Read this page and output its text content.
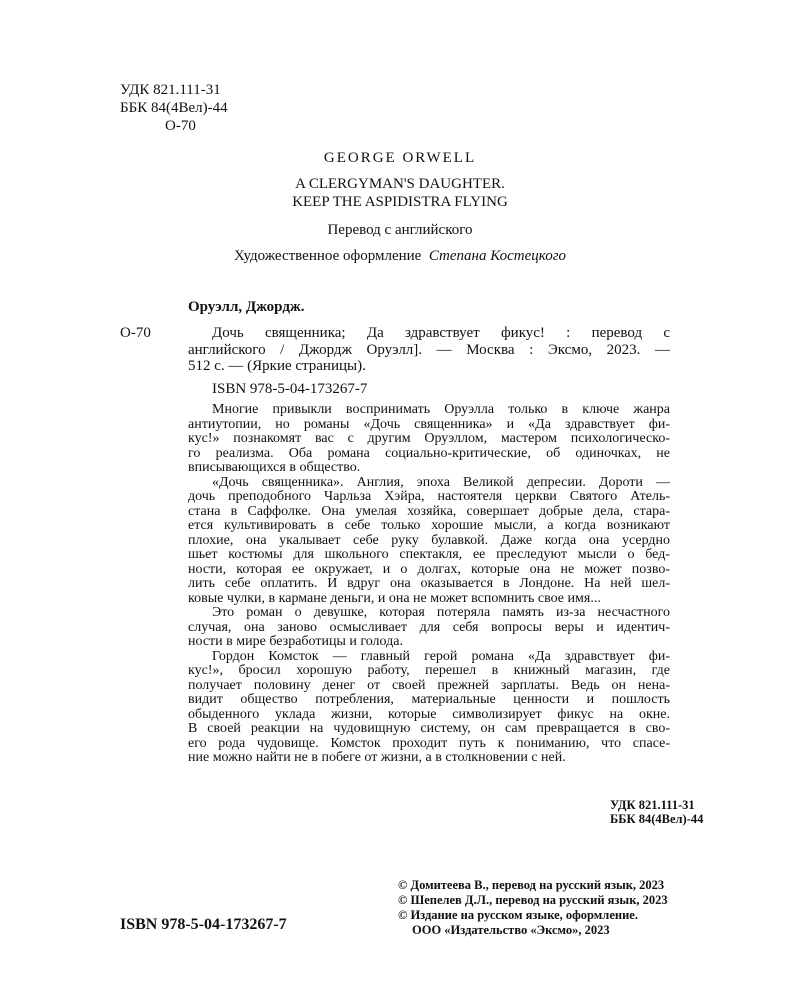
УДК 821.111-31
ББК 84(4Вел)-44
О-70
GEORGE ORWELL
A CLERGYMAN'S DAUGHTER.
KEEP THE ASPIDISTRA FLYING
Перевод с английского
Художественное оформление Степана Костецкого
Оруэлл, Джордж.
О-70	Дочь священника; Да здравствует фикус! : перевод с
английского / Джордж Оруэлл]. — Москва : Эксмо, 2023. —
512 с. — (Яркие страницы).
ISBN 978-5-04-173267-7
Многие привыкли воспринимать Оруэлла только в ключе жанра
антиутопии, но романы «Дочь священника» и «Да здравствует фи-
кус!» познакомят вас с другим Оруэллом, мастером психологическо-
го реализма. Оба романа социально-критические, об одиночках, не
вписывающихся в общество.
«Дочь священника». Англия, эпоха Великой депресии. Дороти —
дочь преподобного Чарльза Хэйра, настоятеля церкви Святого Атель-
стана в Саффолке. Она умелая хозяйка, совершает добрые дела, стара-
ется культивировать в себе только хорошие мысли, а когда возникают
плохие, она укалывает себе руку булавкой. Даже когда она усердно
шьет костюмы для школьного спектакля, ее преследуют мысли о бед-
ности, которая ее окружает, и о долгах, которые она не может позво-
лить себе оплатить. И вдруг она оказывается в Лондоне. На ней шел-
ковые чулки, в кармане деньги, и она не может вспомнить свое имя...
Это роман о девушке, которая потеряла память из-за несчастного
случая, она заново осмысливает для себя вопросы веры и идентич-
ности в мире безработицы и голода.
Гордон Комсток — главный герой романа «Да здравствует фи-
кус!», бросил хорошую работу, перешел в книжный магазин, где
получает половину денег от своей прежней зарплаты. Ведь он нена-
видит общество потребления, материальные ценности и пошлость
обыденного уклада жизни, которые символизирует фикус на окне.
В своей реакции на чудовищную систему, он сам превращается в сво-
его рода чудовище. Комсток проходит путь к пониманию, что спасе-
ние можно найти не в побеге от жизни, а в столкновении с ней.
УДК 821.111-31
ББК 84(4Вел)-44
© Домитеева В., перевод на русский язык, 2023
© Шепелев Д.Л., перевод на русский язык, 2023
© Издание на русском языке, оформление.
ООО «Издательство «Эксмо», 2023
ISBN 978-5-04-173267-7
